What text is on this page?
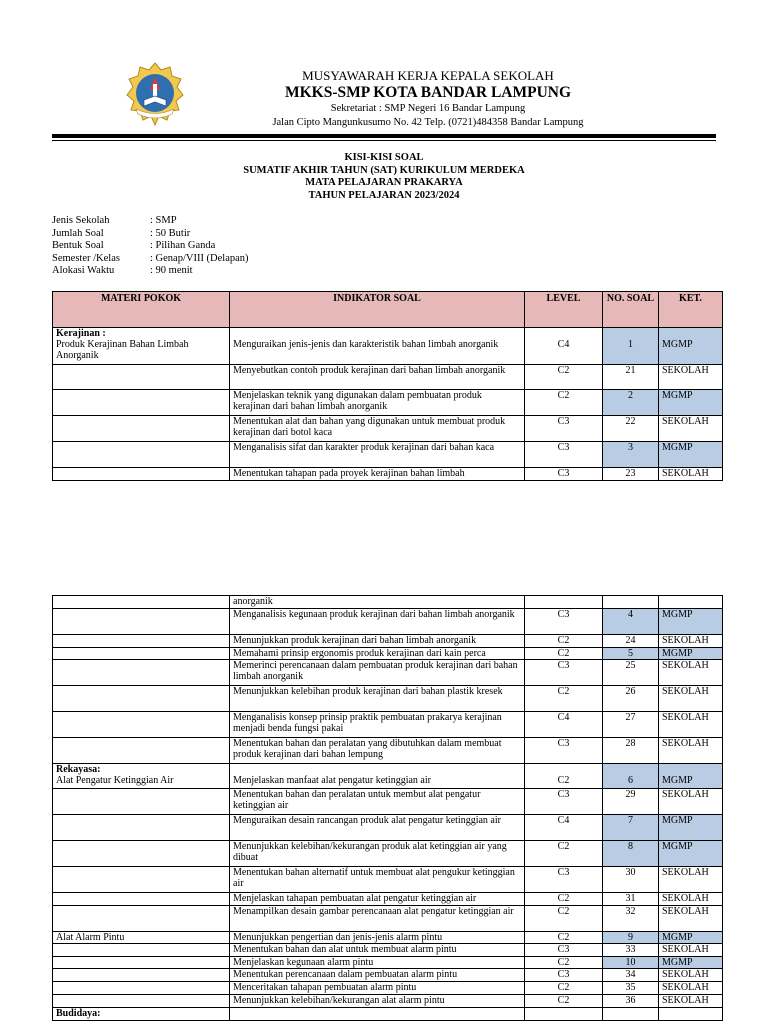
MUSYAWARAH KERJA KEPALA SEKOLAH
MKKS-SMP KOTA BANDAR LAMPUNG
Sekretariat : SMP Negeri 16 Bandar Lampung
Jalan Cipto Mangunkusumo No. 42 Telp. (0721)484358 Bandar Lampung
KISI-KISI SOAL
SUMATIF AKHIR TAHUN (SAT) KURIKULUM MERDEKA
MATA PELAJARAN PRAKARYA
TAHUN PELAJARAN 2023/2024
Jenis Sekolah	: SMP
Jumlah Soal	: 50 Butir
Bentuk Soal	: Pilihan Ganda
Semester /Kelas	: Genap/VIII (Delapan)
Alokasi Waktu	: 90 menit
MATERI POKOK	INDIKATOR SOAL	LEVEL	NO. SOAL	KET.

Kerajinan :
Produk Kerajinan Bahan Limbah Anorganik	Menguraikan jenis-jenis dan karakteristik bahan limbah anorganik	C4	1	MGMP
	Menyebutkan contoh produk kerajinan dari bahan limbah anorganik	C2	21	SEKOLAH
	Menjelaskan teknik yang digunakan dalam pembuatan produk kerajinan dari bahan limbah anorganik	C2	2	MGMP
	Menentukan alat dan bahan yang digunakan untuk membuat produk kerajinan dari botol kaca	C3	22	SEKOLAH
	Menganalisis sifat dan karakter produk kerajinan dari bahan kaca	C3	3	MGMP
	Menentukan tahapan pada proyek kerajinan bahan limbah	C3	23	SEKOLAH
	anorganik			
	Menganalisis kegunaan produk kerajinan dari bahan limbah anorganik	C3	4	MGMP
	Menunjukkan produk kerajinan dari bahan limbah anorganik	C2	24	SEKOLAH
	Memahami prinsip ergonomis produk kerajinan dari kain perca	C2	5	MGMP
	Memerinci perencanaan dalam pembuatan produk kerajinan dari bahan limbah anorganik	C3	25	SEKOLAH
	Menunjukkan kelebihan produk kerajinan dari bahan plastik kresek	C2	26	SEKOLAH
	Menganalisis konsep prinsip praktik pembuatan prakarya kerajinan menjadi benda fungsi pakai	C4	27	SEKOLAH
	Menentukan bahan dan peralatan yang dibutuhkan dalam membuat produk kerajinan dari bahan lempung	C3	28	SEKOLAH

Rekayasa:
Alat Pengatur Ketinggian Air	Menjelaskan manfaat alat pengatur ketinggian air	C2	6	MGMP
	Menentukan bahan dan peralatan untuk membut alat pengatur ketinggian air	C3	29	SEKOLAH
	Menguraikan desain rancangan produk alat pengatur ketinggian air	C4	7	MGMP
	Menunjukkan kelebihan/kekurangan produk alat ketinggian air yang dibuat	C2	8	MGMP
	Menentukan bahan alternatif untuk membuat alat pengukur ketinggian air	C3	30	SEKOLAH
	Menjelaskan tahapan pembuatan alat pengatur ketinggian air	C2	31	SEKOLAH
	Menampilkan desain gambar perencanaan alat pengatur ketinggian air	C2	32	SEKOLAH

Alat Alarm Pintu	Menunjukkan pengertian dan jenis-jenis alarm pintu	C2	9	MGMP
	Menentukan bahan dan alat untuk membuat alarm pintu	C3	33	SEKOLAH
	Menjelaskan kegunaan alarm pintu	C2	10	MGMP
	Menentukan perencanaan dalam pembuatan alarm pintu	C3	34	SEKOLAH
	Menceritakan tahapan pembuatan alarm pintu	C2	35	SEKOLAH
	Menunjukkan kelebihan/kekurangan alat alarm pintu	C2	36	SEKOLAH

Budidaya:				
